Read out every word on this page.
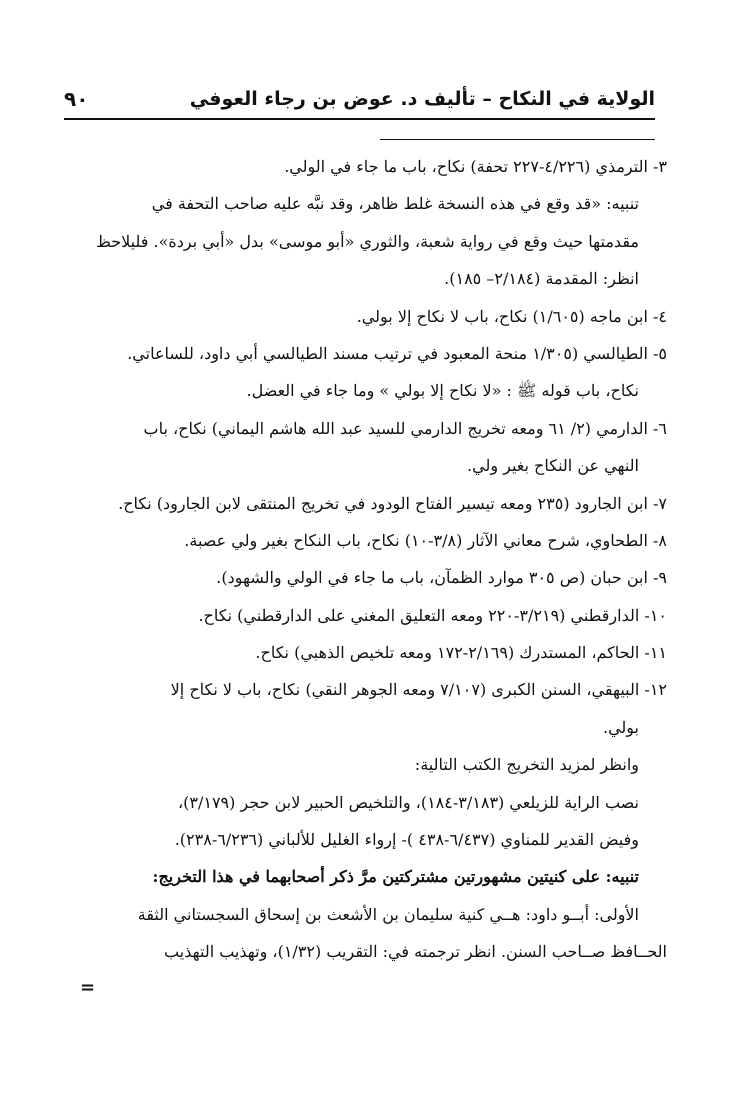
الولاية في النكاح – تأليف د. عوض بن رجاء العوفي
٩٠
٣- الترمذي (٤/٢٢٦-٢٢٧ تحفة) نكاح، باب ما جاء في الولي.
تنبيه: «قد وقع في هذه النسخة غلط ظاهر، وقد نبَّه عليه صاحب التحفة في
مقدمتها حيث وقع في رواية شعبة، والثوري «أبو موسى» بدل «أبي بردة». فليلاحظ
انظر: المقدمة (٢/١٨٤– ١٨٥).
٤- ابن ماجه (١/٦٠٥) نكاح، باب لا نكاح إلا بولي.
٥- الطيالسي (١/٣٠٥ منحة المعبود في ترتيب مسند الطيالسي أبي داود، للساعاتي.
نكاح، باب قوله ﷺ : «لا نكاح إلا بولي » وما جاء في العضل.
٦- الدارمي (٢/ ٦١ ومعه تخريج الدارمي للسيد عبد الله هاشم اليماني) نكاح، باب
النهي عن النكاح بغير ولي.
٧- ابن الجارود (٢٣٥ ومعه تيسير الفتاح الودود في تخريج المنتقى لابن الجارود) نكاح.
٨- الطحاوي، شرح معاني الآثار (٣/٨-١٠) نكاح، باب النكاح بغير ولي عصبة.
٩- ابن حبان (ص ٣٠٥ موارد الظمآن، باب ما جاء في الولي والشهود).
١٠- الدارقطني (٣/٢١٩-٢٢٠ ومعه التعليق المغني على الدارقطني) نكاح.
١١- الحاكم، المستدرك (٢/١٦٩-١٧٢ ومعه تلخيص الذهبي) نكاح.
١٢- البيهقي، السنن الكبرى (٧/١٠٧ ومعه الجوهر النقي) نكاح، باب لا نكاح إلا
بولي.
وانظر لمزيد التخريج الكتب التالية:
نصب الراية للزيلعي (٣/١٨٣-١٨٤)، والتلخيص الحبير لابن حجر (٣/١٧٩)،
وفيض القدير للمناوي (٦/٤٣٧-٤٣٨ )- إرواء الغليل للألباني (٦/٢٣٦-٢٣٨).
تنبيه: على كنيتين مشهورتين مشتركتين مرَّ ذكر أصحابهما في هذا التخريج:
الأولى: أبــو داود: هــي كنية سليمان بن الأشعث بن إسحاق السجستاني الثقة
الحــافظ صــاحب السنن. انظر ترجمته في: التقريب (١/٣٢)، وتهذيب التهذيب
=
